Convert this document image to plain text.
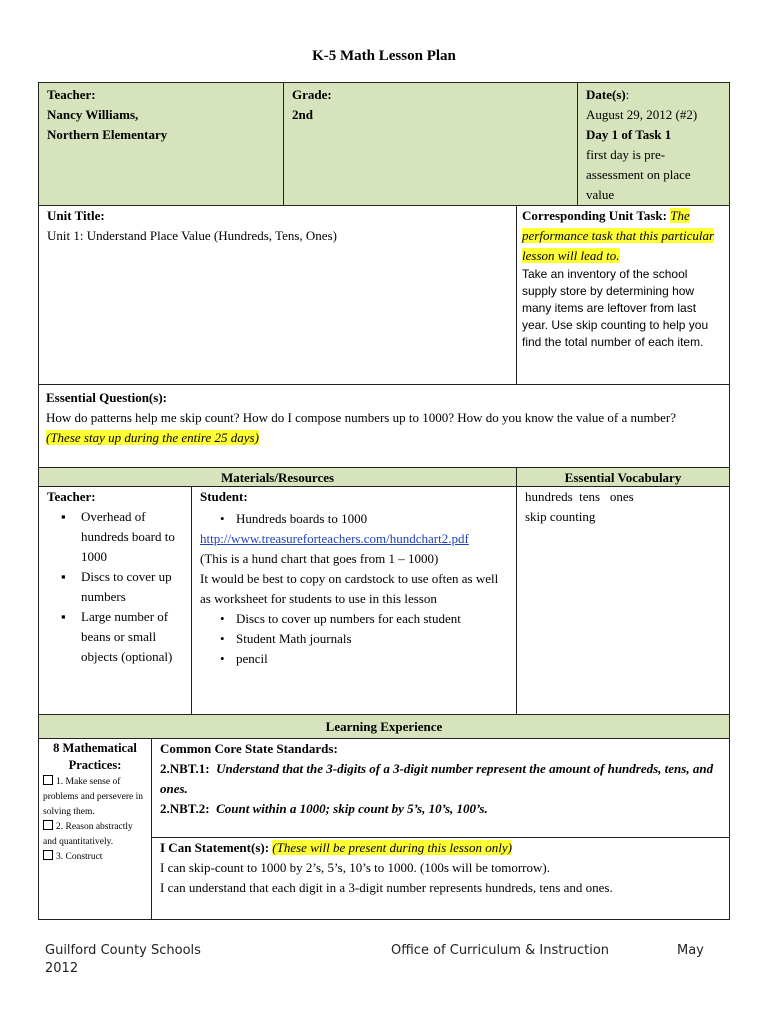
K-5 Math Lesson Plan
Teacher:
Nancy Williams,
Northern Elementary
Grade:
2nd
Date(s):
August 29, 2012 (#2)
Day 1 of Task 1
first day is pre-assessment on place value
Unit Title:
Unit 1: Understand Place Value (Hundreds, Tens, Ones)
Corresponding Unit Task: The performance task that this particular lesson will lead to.
Take an inventory of the school supply store by determining how many items are leftover from last year. Use skip counting to help you find the total number of each item.
Essential Question(s):
How do patterns help me skip count? How do I compose numbers up to 1000? How do you know the value of a number?
(These stay up during the entire 25 days)
Materials/Resources	Essential Vocabulary
Teacher:
▪ Overhead of hundreds board to 1000
▪ Discs to cover up numbers
▪ Large number of beans or small objects (optional)
Student:
• Hundreds boards to 1000
http://www.treasureforteachers.com/hundchart2.pdf
(This is a hund chart that goes from 1 – 1000)
It would be best to copy on cardstock to use often as well as worksheet for students to use in this lesson
• Discs to cover up numbers for each student
• Student Math journals
• pencil
hundreds  tens   ones
skip counting
Learning Experience
8 Mathematical Practices:
1. Make sense of problems and persevere in solving them.
2. Reason abstractly and quantitatively.
3. Construct
Common Core State Standards:
2.NBT.1: Understand that the 3-digits of a 3-digit number represent the amount of hundreds, tens, and ones.
2.NBT.2: Count within a 1000; skip count by 5’s, 10’s, 100’s.
I Can Statement(s): (These will be present during this lesson only)
I can skip-count to 1000 by 2’s, 5’s, 10’s to 1000. (100s will be tomorrow).
I can understand that each digit in a 3-digit number represents hundreds, tens and ones.
Guilford County Schools	Office of Curriculum & Instruction	May
2012
